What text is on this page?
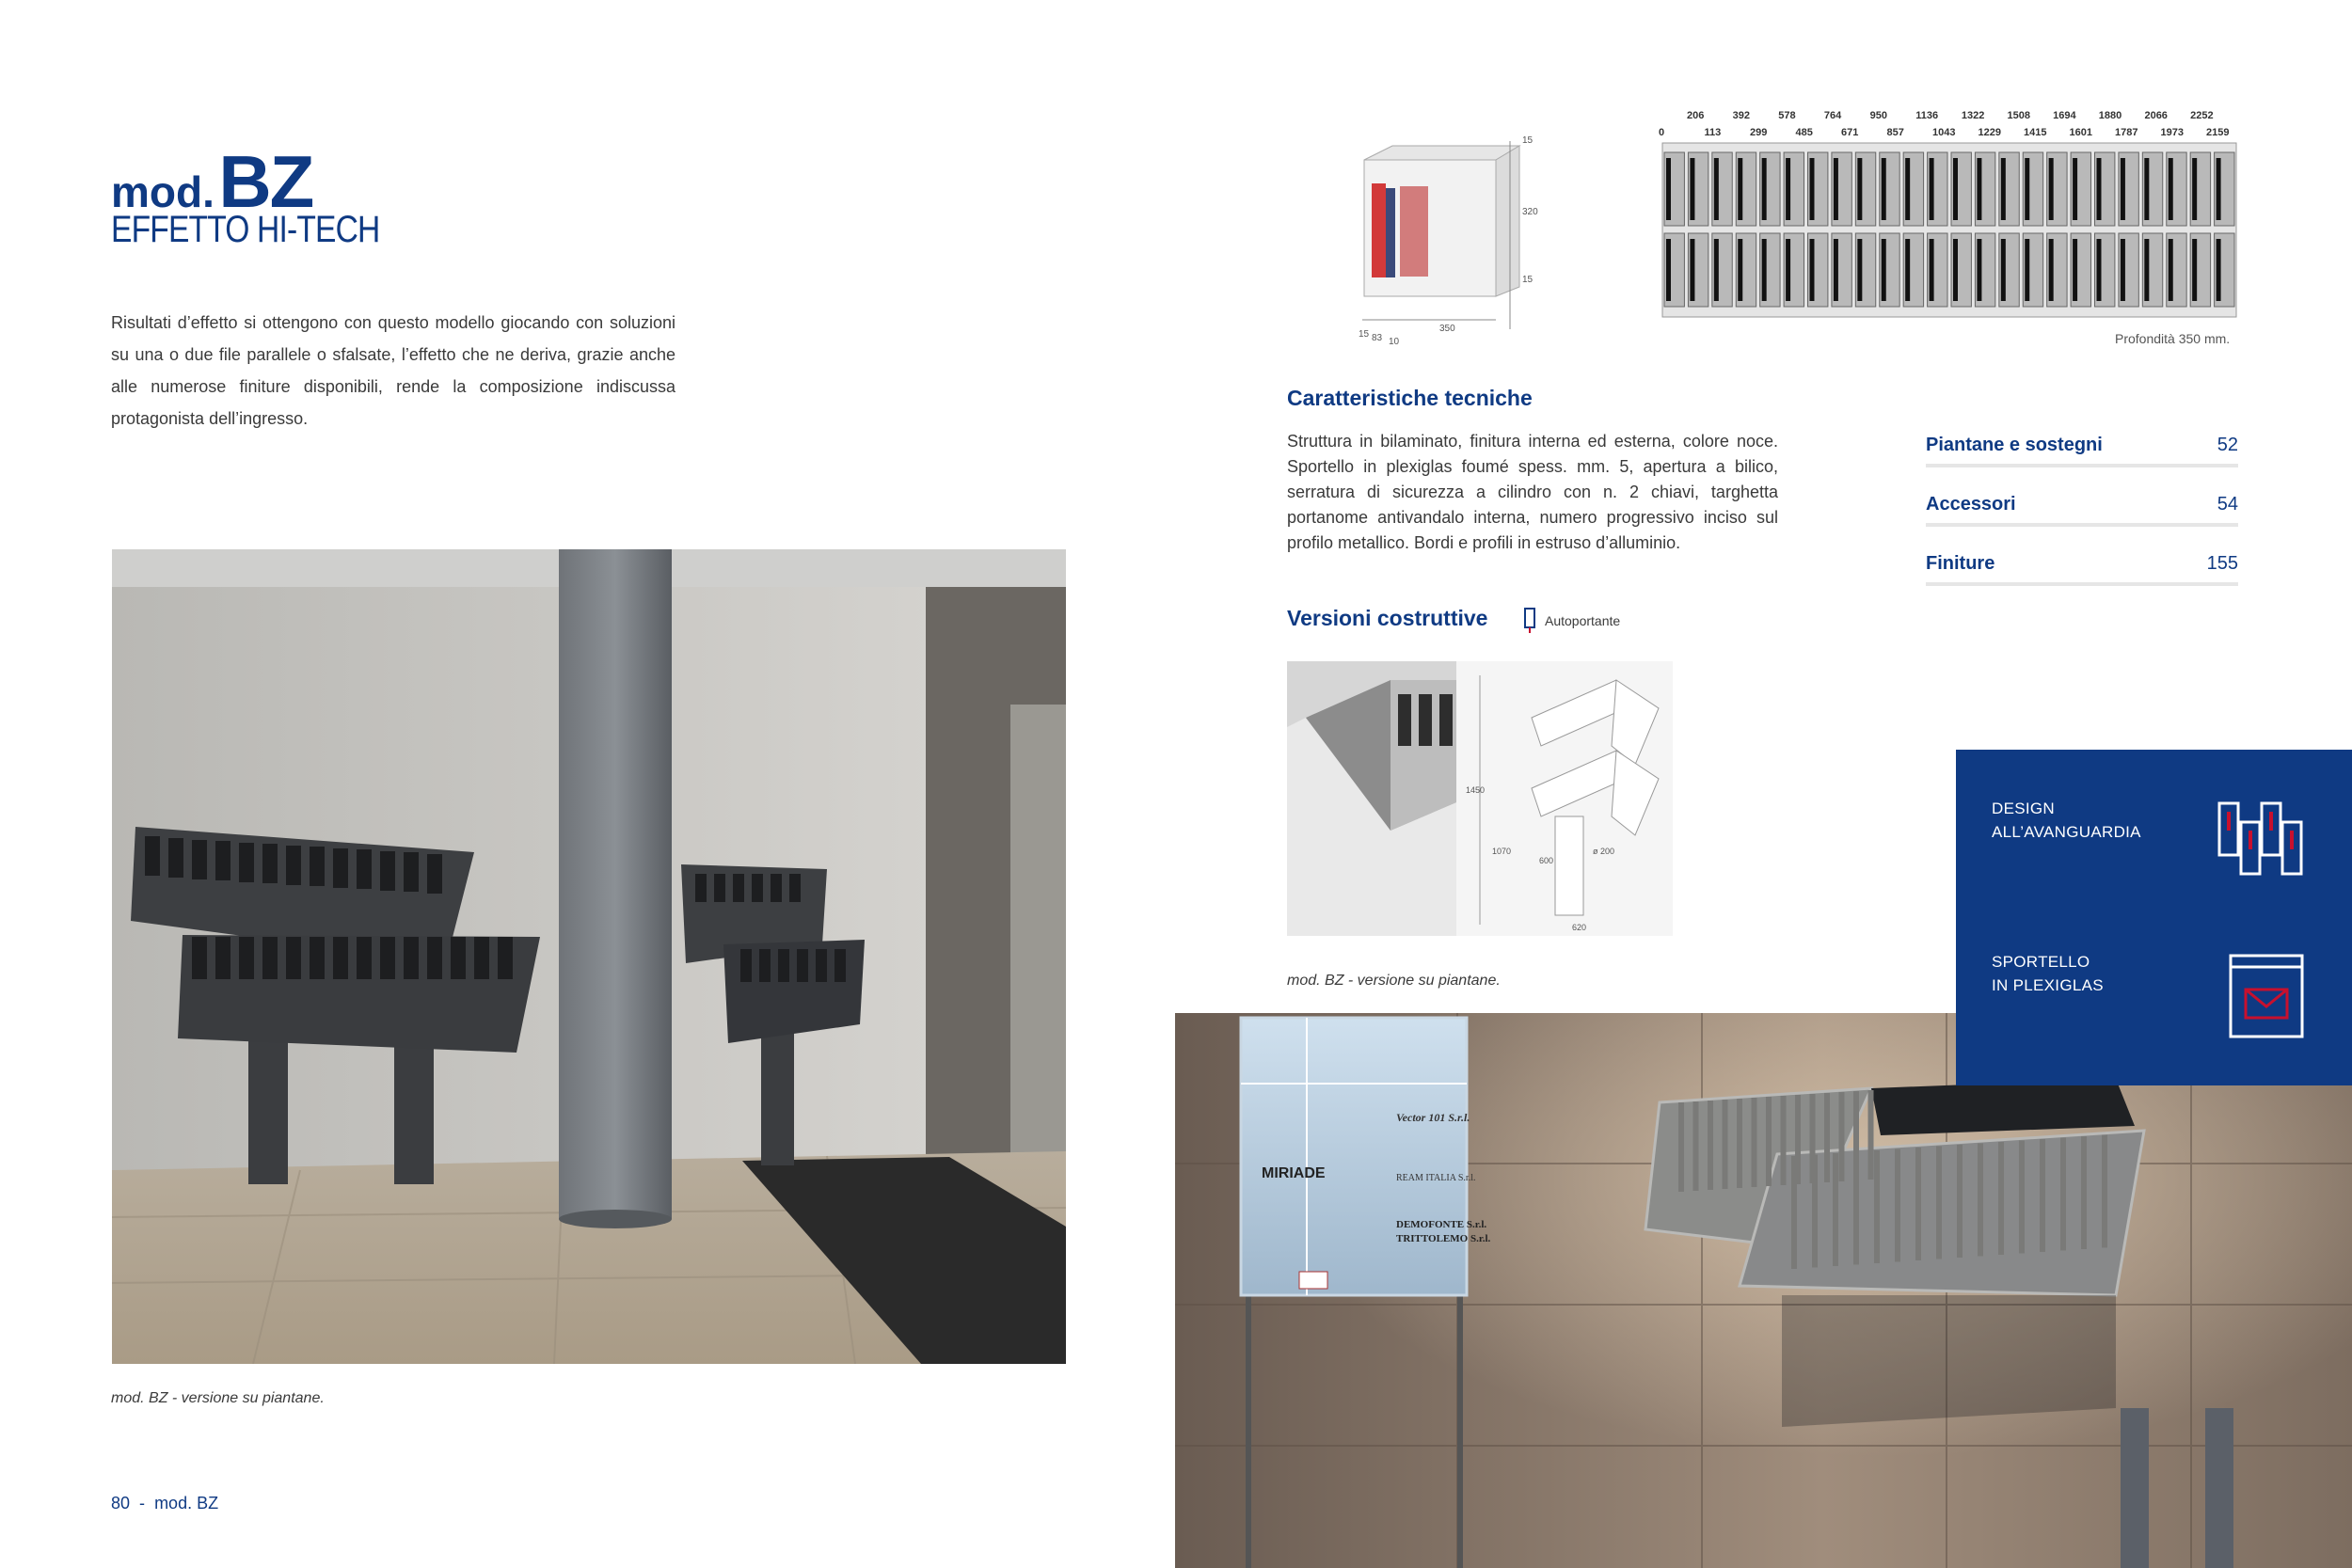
mod. BZ
EFFETTO HI-TECH

Risultati d’effetto si ottengono con questo modello giocando con soluzioni su una o due file parallele o sfalsate, l’effetto che ne deriva, grazie anche alle numerose finiture disponibili, rende la composizione indiscussa protagonista dell’ingresso.

mod. BZ - versione su piantane.
80 - mod. BZ
15
320
15
15 83 10
350
206	392	578	764	950	1136 1322 1508 1694 1880 2066 2252
0	113	299	485	671	857	1043 1229 1415 1601 1787 1973 2159
Profondità 350 mm.
Caratteristiche tecniche

Struttura in bilaminato, finitura interna ed esterna, colore noce. Sportello in plexiglas foumé spess. mm. 5, apertura a bilico, serratura di sicurezza a cilindro con n. 2 chiavi, targhetta portanome antivandalo interna, numero progressivo inciso sul profilo metallico. Bordi e profili in estruso d’alluminio.

Piantane e sostegni	52
Accessori	54
Finiture	155
Versioni costruttive	Autoportante
1450
1070
600
ø 200
620
mod. BZ - versione su piantane.
Vector 101 S.r.l.
MIRIADE	REAM ITALIA S.r.l.
DEMOFONTE S.r.l.
TRITTOLEMO S.r.l.
DESIGN
ALL’AVANGUARDIA
SPORTELLO
IN PLEXIGLAS
